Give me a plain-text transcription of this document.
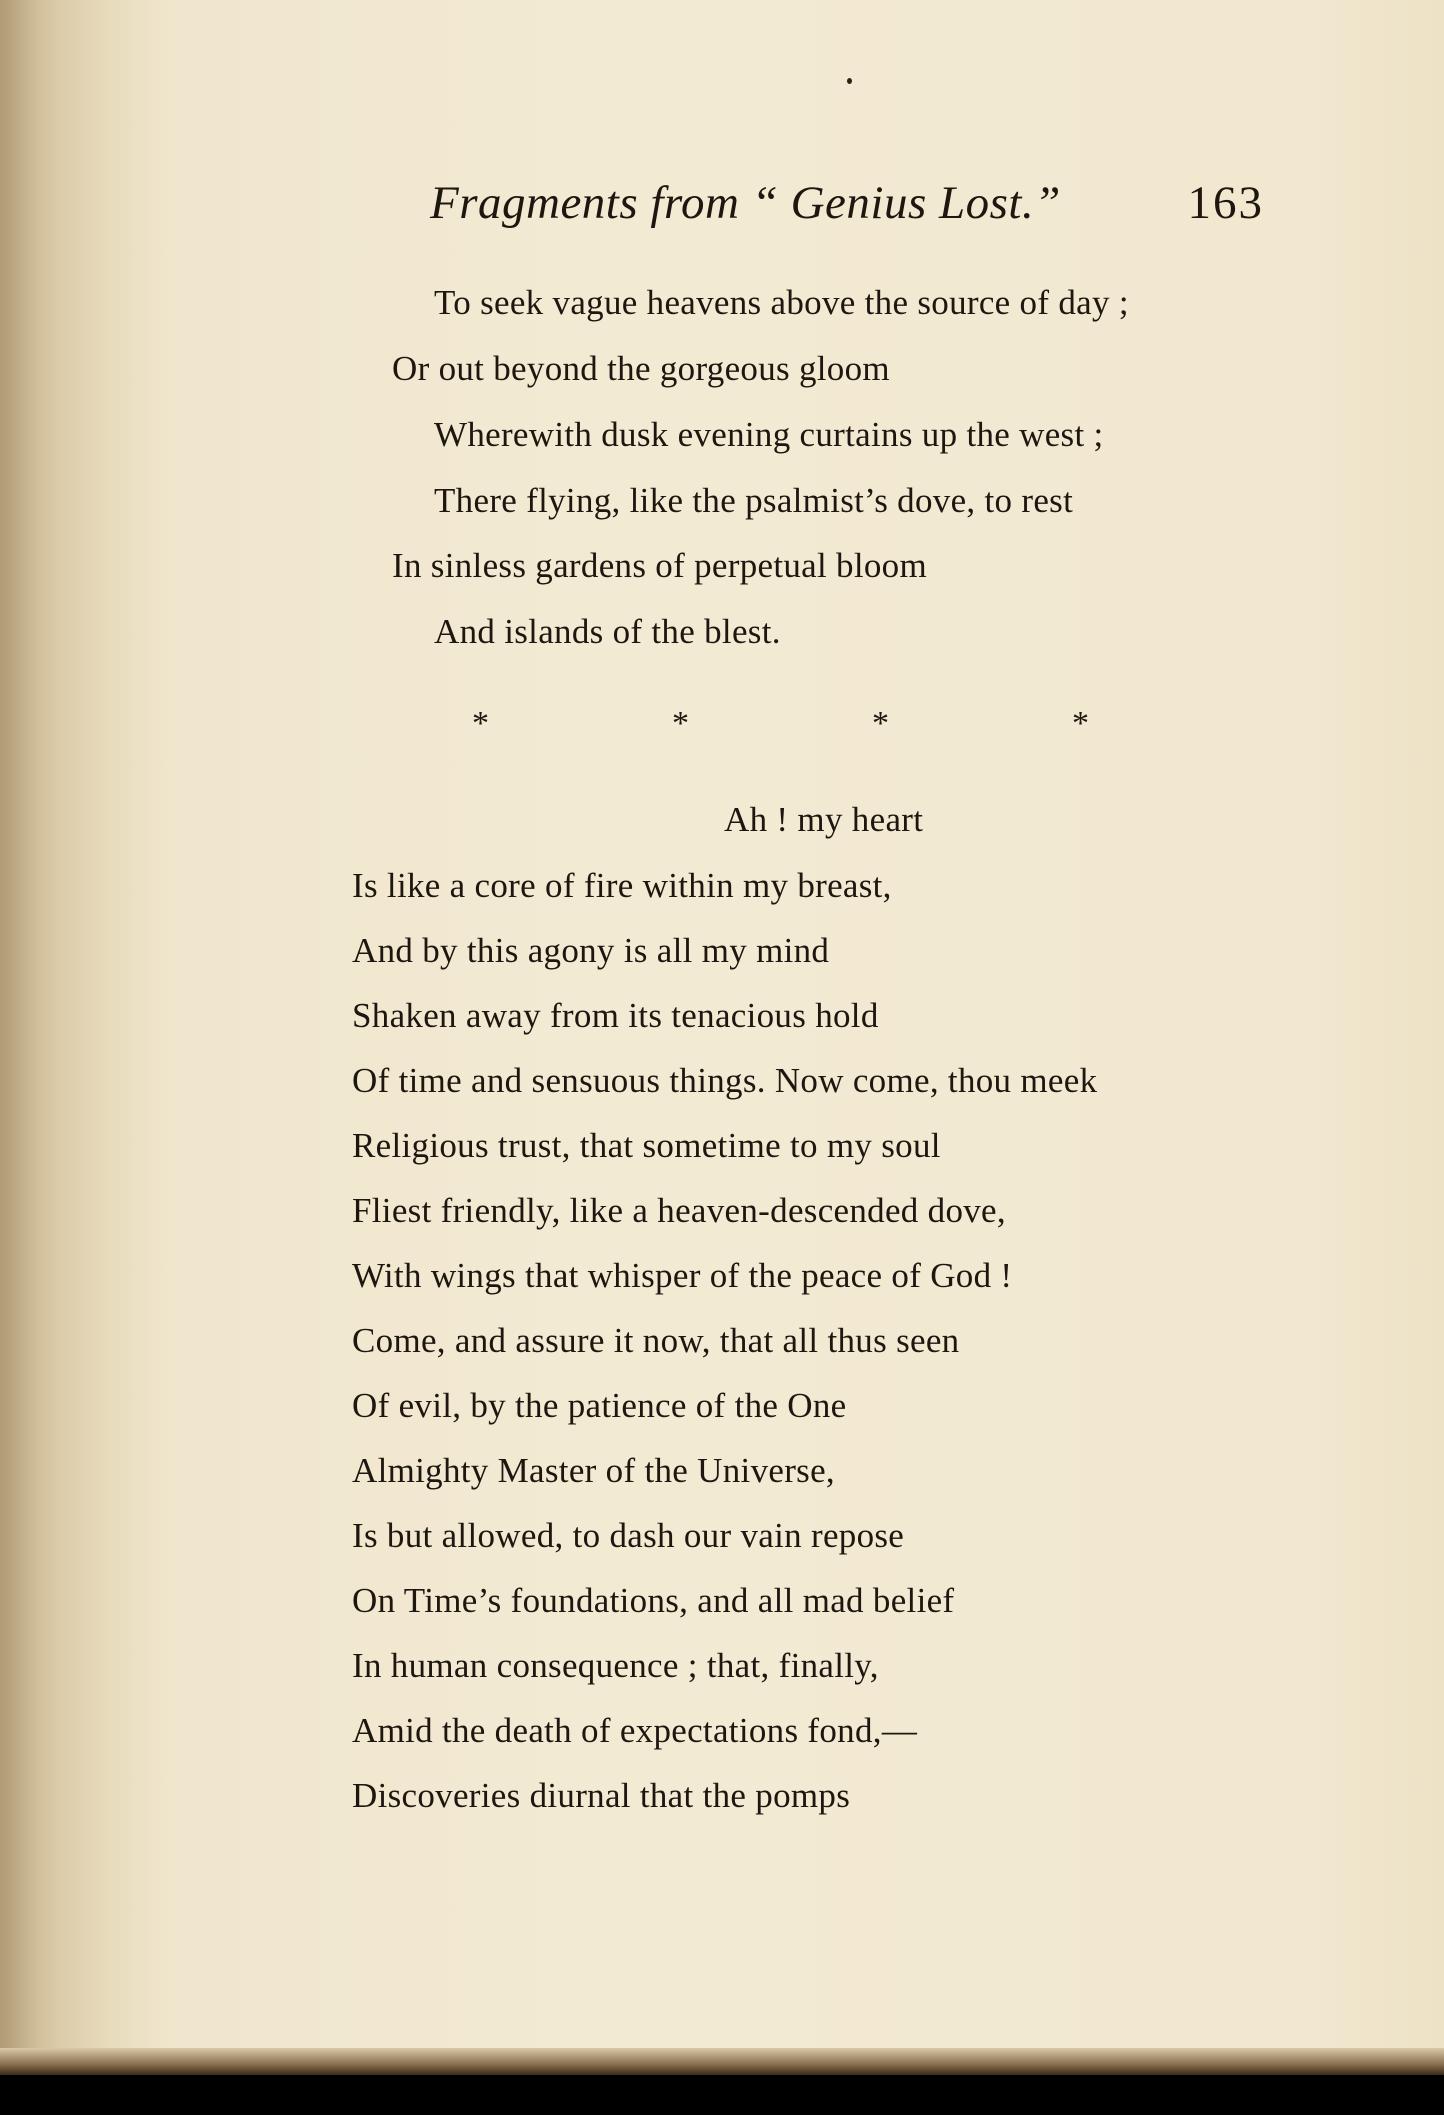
Fragments from “ Genius Lost.”	163
To seek vague heavens above the source of day ;
Or out beyond the gorgeous gloom
Wherewith dusk evening curtains up the west ;
There flying, like the psalmist’s dove, to rest
In sinless gardens of perpetual bloom
And islands of the blest.
*	*	*	*
Ah ! my heart
Is like a core of fire within my breast,
And by this agony is all my mind
Shaken away from its tenacious hold
Of time and sensuous things. Now come, thou meek
Religious trust, that sometime to my soul
Fliest friendly, like a heaven-descended dove,
With wings that whisper of the peace of God !
Come, and assure it now, that all thus seen
Of evil, by the patience of the One
Almighty Master of the Universe,
Is but allowed, to dash our vain repose
On Time’s foundations, and all mad belief
In human consequence ; that, finally,
Amid the death of expectations fond,—
Discoveries diurnal that the pomps
